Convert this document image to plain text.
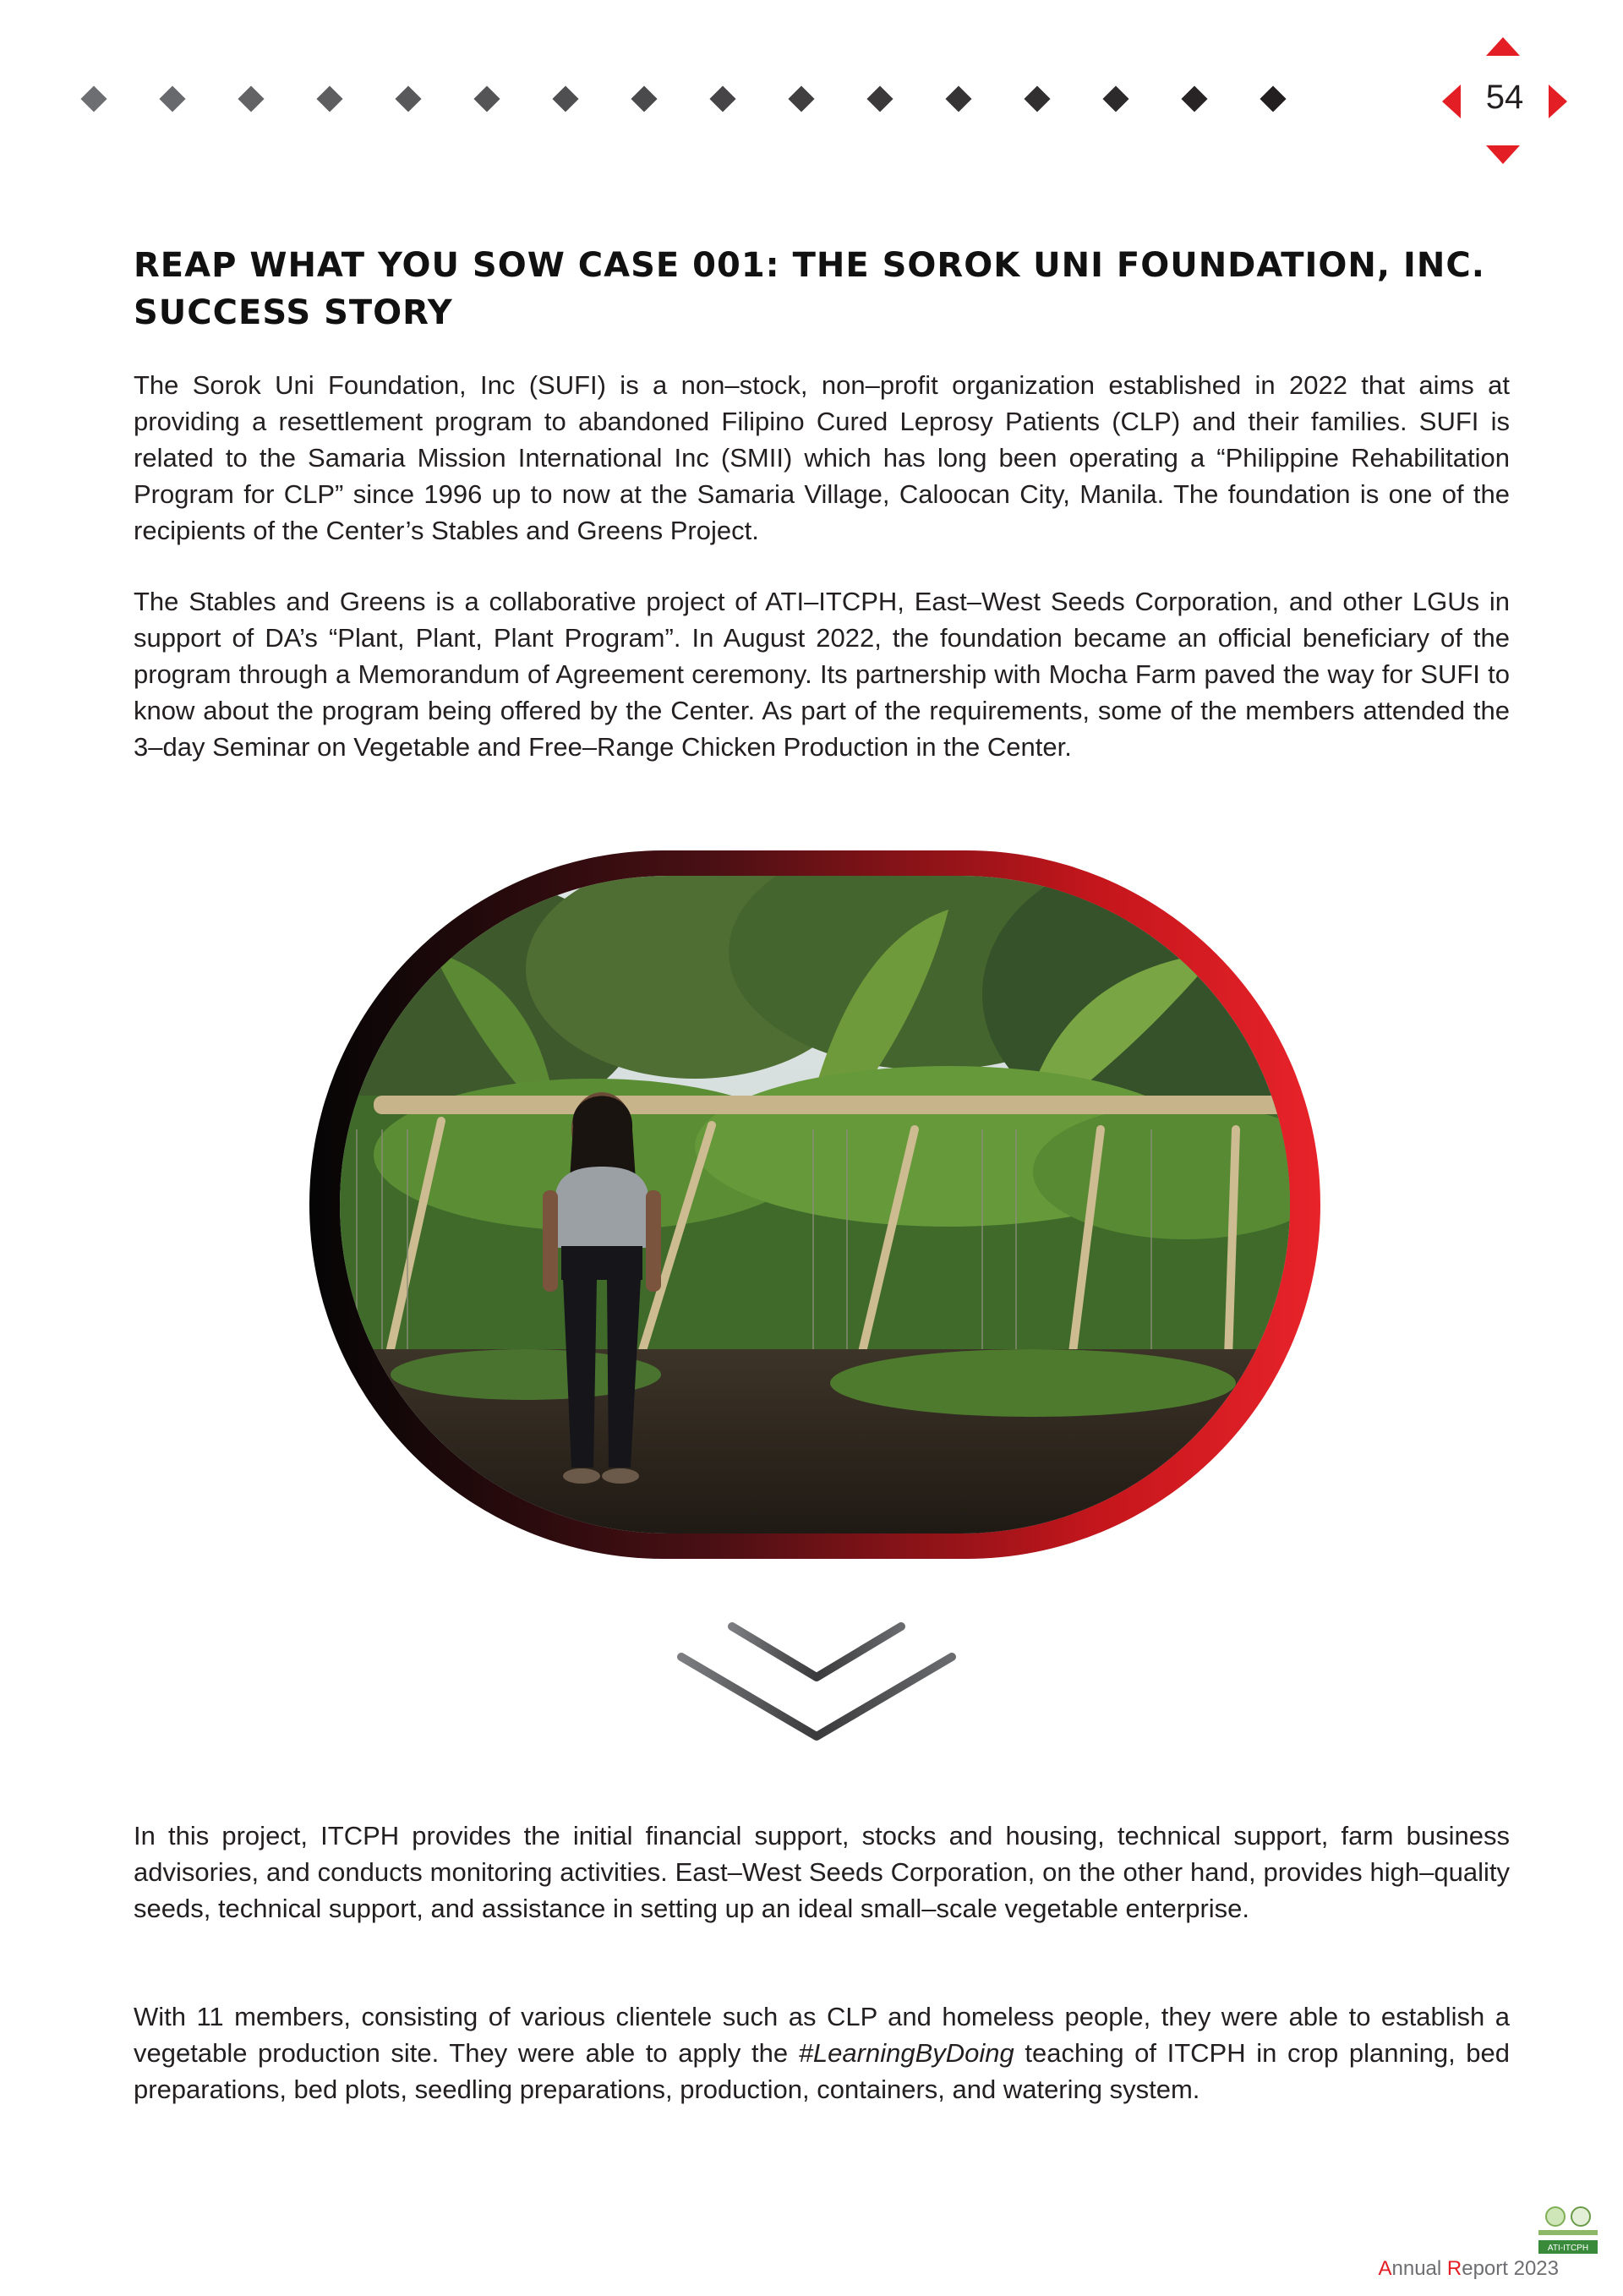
54
REAP WHAT YOU SOW CASE 001: THE SOROK UNI FOUNDATION, INC. SUCCESS STORY

The Sorok Uni Foundation, Inc (SUFI) is a non–stock, non–profit organization established in 2022 that aims at providing a resettlement program to abandoned Filipino Cured Leprosy Patients (CLP) and their families. SUFI is related to the Samaria Mission International Inc (SMII) which has long been operating a “Philippine Rehabilitation Program for CLP” since 1996 up to now at the Samaria Village, Caloocan City, Manila. The foundation is one of the recipients of the Center’s Stables and Greens Project.

The Stables and Greens is a collaborative project of ATI–ITCPH, East–West Seeds Corporation, and other LGUs in support of DA’s “Plant, Plant, Plant Program”. In August 2022, the foundation became an official beneficiary of the program through a Memorandum of Agreement ceremony. Its partnership with Mocha Farm paved the way for SUFI to know about the program being offered by the Center. As part of the requirements, some of the members attended the 3–day Seminar on Vegetable and Free–Range Chicken Production in the Center.

In this project, ITCPH provides the initial financial support, stocks and housing, technical support, farm business advisories, and conducts monitoring activities. East–West Seeds Corporation, on the other hand, provides high–quality seeds, technical support, and assistance in setting up an ideal small–scale vegetable enterprise.

With 11 members, consisting of various clientele such as CLP and homeless people, they were able to establish a vegetable production site. They were able to apply the #LearningByDoing teaching of ITCPH in crop planning, bed preparations, bed plots, seedling preparations, production, containers, and watering system.

ATI-ITCPH
Annual Report 2023
